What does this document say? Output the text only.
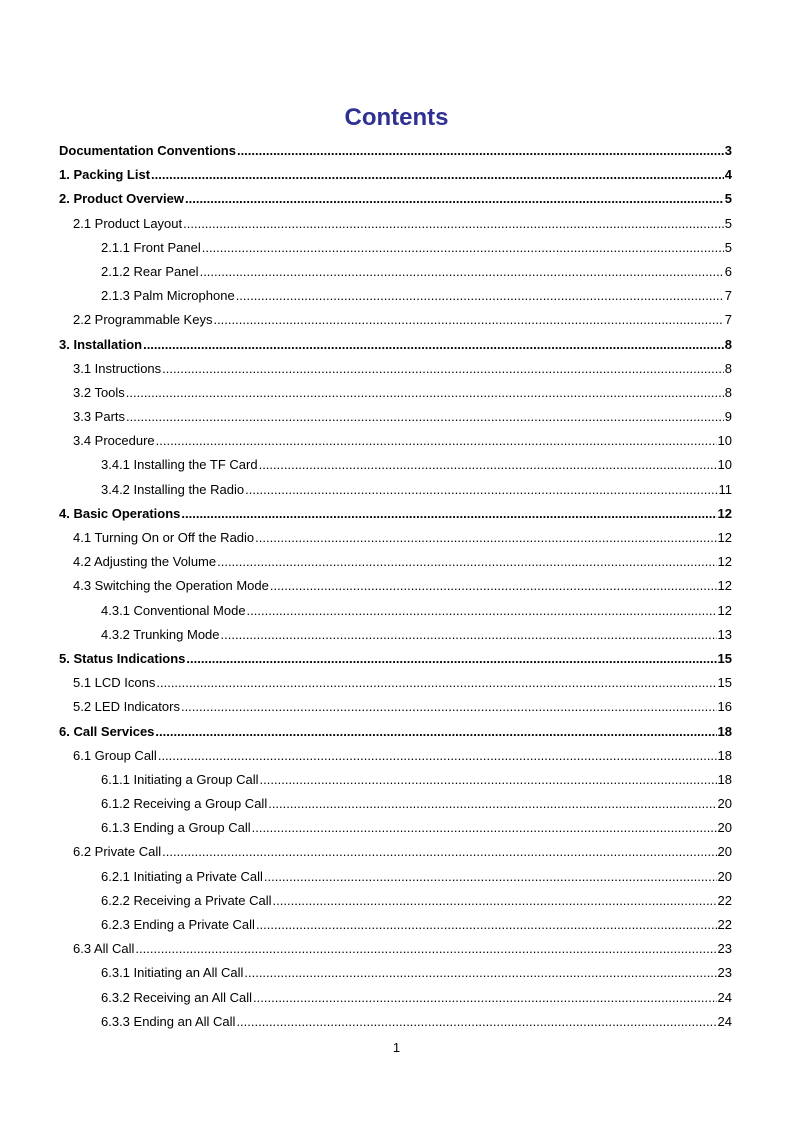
Contents
Documentation Conventions .....	3
1. Packing List .....	4
2. Product Overview .....	5
2.1 Product Layout .....	5
2.1.1 Front Panel .....	5
2.1.2 Rear Panel .....	6
2.1.3 Palm Microphone .....	7
2.2 Programmable Keys .....	7
3. Installation .....	8
3.1 Instructions .....	8
3.2 Tools .....	8
3.3 Parts .....	9
3.4 Procedure .....	10
3.4.1 Installing the TF Card .....	10
3.4.2 Installing the Radio .....	11
4. Basic Operations .....	12
4.1 Turning On or Off the Radio .....	12
4.2 Adjusting the Volume .....	12
4.3 Switching the Operation Mode .....	12
4.3.1 Conventional Mode .....	12
4.3.2 Trunking Mode .....	13
5. Status Indications .....	15
5.1 LCD Icons .....	15
5.2 LED Indicators .....	16
6. Call Services .....	18
6.1 Group Call .....	18
6.1.1 Initiating a Group Call .....	18
6.1.2 Receiving a Group Call .....	20
6.1.3 Ending a Group Call .....	20
6.2 Private Call .....	20
6.2.1 Initiating a Private Call .....	20
6.2.2 Receiving a Private Call .....	22
6.2.3 Ending a Private Call .....	22
6.3 All Call .....	23
6.3.1 Initiating an All Call .....	23
6.3.2 Receiving an All Call .....	24
6.3.3 Ending an All Call .....	24
1
